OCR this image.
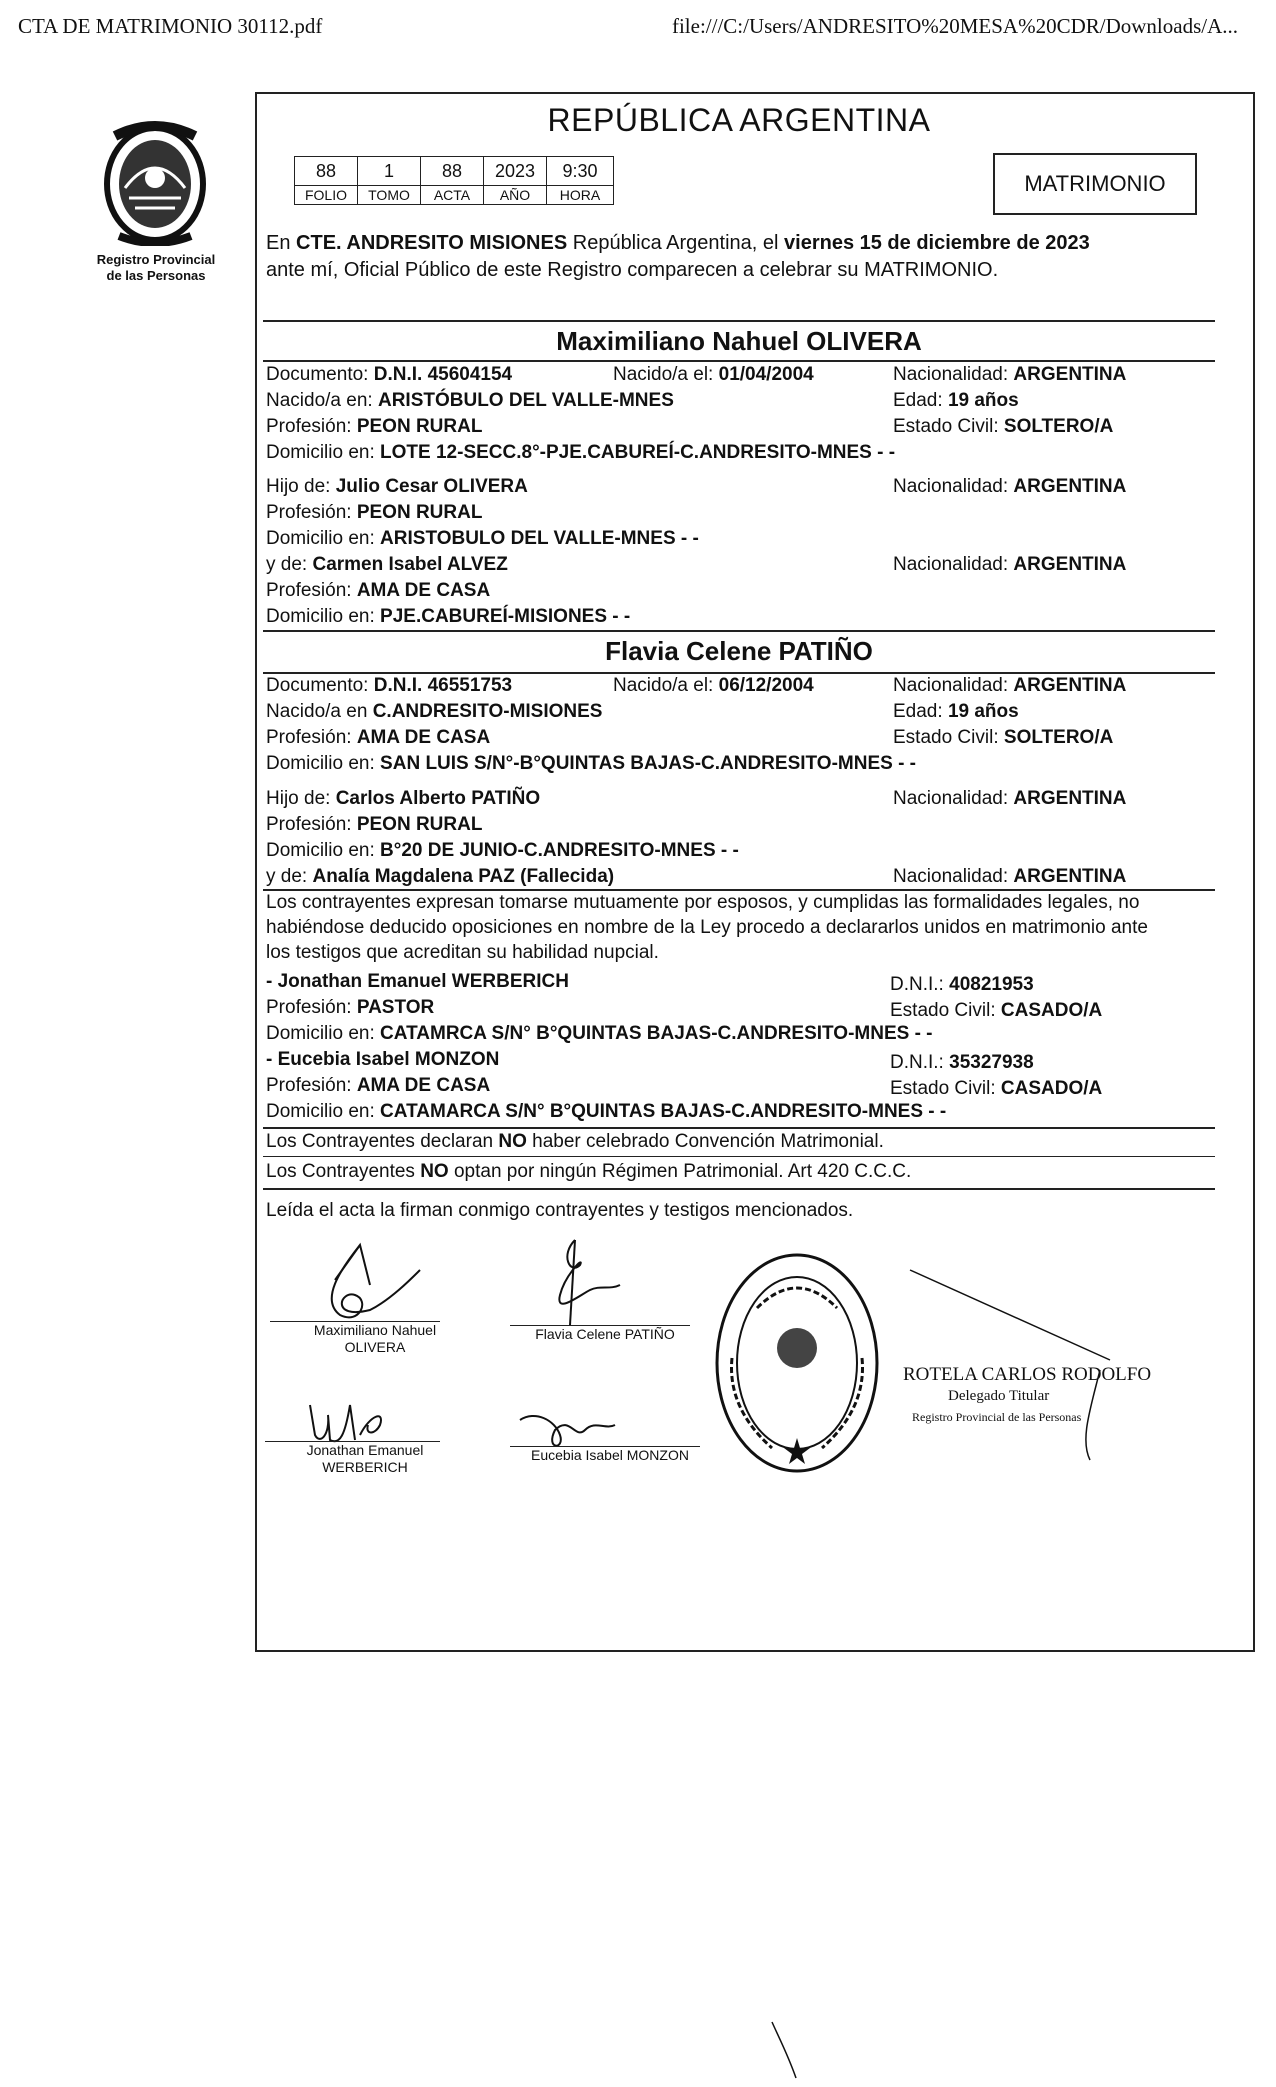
CTA DE MATRIMONIO 30112.pdf	file:///C:/Users/ANDRESITO%20MESA%20CDR/Downloads/A...
Registro Provincial
de las Personas
REPÚBLICA ARGENTINA
88	1	88	2023	9:30
FOLIO	TOMO	ACTA	AÑO	HORA	MATRIMONIO
En CTE. ANDRESITO MISIONES República Argentina, el viernes 15 de diciembre de 2023
ante mí, Oficial Público de este Registro comparecen a celebrar su MATRIMONIO.
Maximiliano Nahuel OLIVERA
Documento: D.N.I. 45604154	Nacido/a el: 01/04/2004	Nacionalidad: ARGENTINA
Nacido/a en: ARISTÓBULO DEL VALLE-MNES	Edad: 19 años
Profesión: PEON RURAL	Estado Civil: SOLTERO/A
Domicilio en: LOTE 12-SECC.8°-PJE.CABUREÍ-C.ANDRESITO-MNES - -
Hijo de: Julio Cesar OLIVERA	Nacionalidad: ARGENTINA
Profesión: PEON RURAL
Domicilio en: ARISTOBULO DEL VALLE-MNES - -
y de: Carmen Isabel ALVEZ	Nacionalidad: ARGENTINA
Profesión: AMA DE CASA
Domicilio en: PJE.CABUREÍ-MISIONES - -
Flavia Celene PATIÑO
Documento: D.N.I. 46551753	Nacido/a el: 06/12/2004	Nacionalidad: ARGENTINA
Nacido/a en C.ANDRESITO-MISIONES	Edad: 19 años
Profesión: AMA DE CASA	Estado Civil: SOLTERO/A
Domicilio en: SAN LUIS S/N°-B°QUINTAS BAJAS-C.ANDRESITO-MNES - -
Hijo de: Carlos Alberto PATIÑO	Nacionalidad: ARGENTINA
Profesión: PEON RURAL
Domicilio en: B°20 DE JUNIO-C.ANDRESITO-MNES - -
y de: Analía Magdalena PAZ (Fallecida)	Nacionalidad: ARGENTINA
Los contrayentes expresan tomarse mutuamente por esposos, y cumplidas las formalidades legales, no
habiéndose deducido oposiciones en nombre de la Ley procedo a declararlos unidos en matrimonio ante
los testigos que acreditan su habilidad nupcial.
- Jonathan Emanuel WERBERICH	D.N.I.: 40821953
Profesión: PASTOR	Estado Civil: CASADO/A
Domicilio en: CATAMRCA S/N° B°QUINTAS BAJAS-C.ANDRESITO-MNES - -
- Eucebia Isabel MONZON	D.N.I.: 35327938
Profesión: AMA DE CASA	Estado Civil: CASADO/A
Domicilio en: CATAMARCA S/N° B°QUINTAS BAJAS-C.ANDRESITO-MNES - -
Los Contrayentes declaran NO haber celebrado Convención Matrimonial.
Los Contrayentes NO optan por ningún Régimen Patrimonial. Art 420 C.C.C.
Leída el acta la firman conmigo contrayentes y testigos mencionados.
Maximiliano Nahuel
OLIVERA
Flavia Celene PATIÑO
Jonathan Emanuel
WERBERICH
Eucebia Isabel MONZON
ROTELA CARLOS RODOLFO
Delegado Titular
Registro Provincial de las Personas
